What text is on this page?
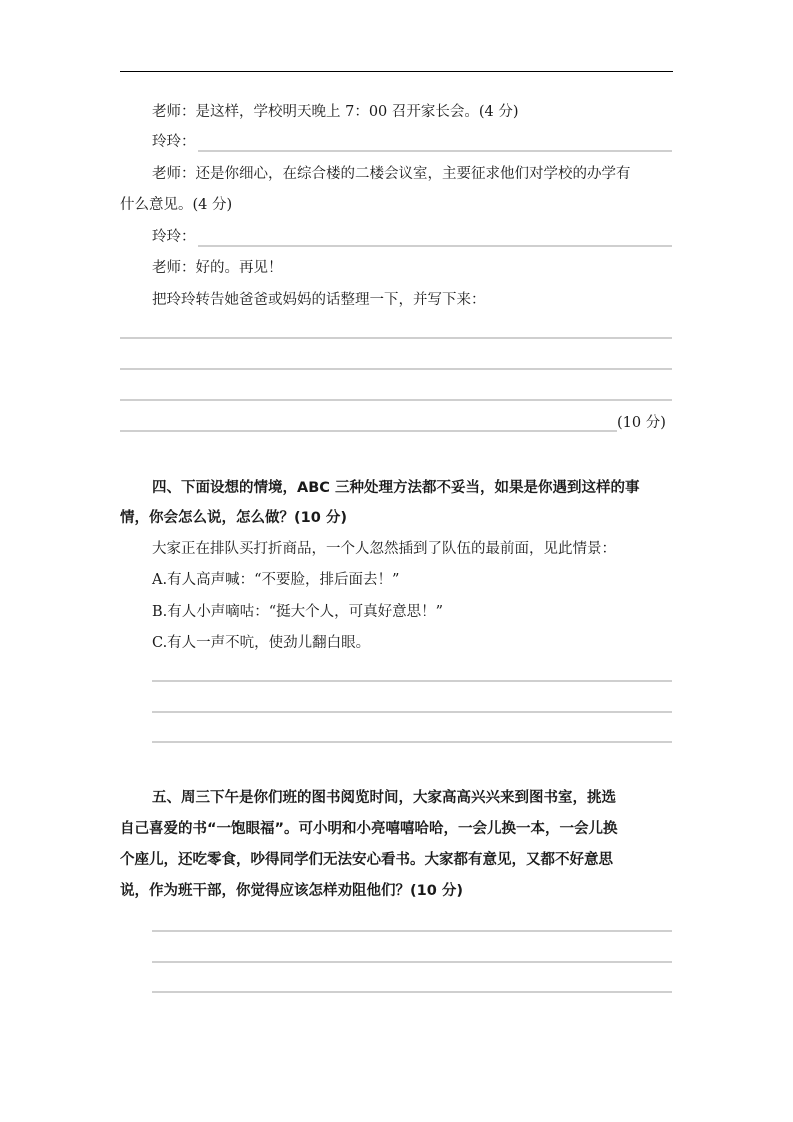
老师：是这样，学校明天晚上 7：00 召开家长会。(4 分)
玲玲：
老师：还是你细心，在综合楼的二楼会议室，主要征求他们对学校的办学有
什么意见。(4 分)
玲玲：
老师：好的。再见！
把玲玲转告她爸爸或妈妈的话整理一下，并写下来：
(10 分)
四、下面设想的情境，ABC 三种处理方法都不妥当，如果是你遇到这样的事
情，你会怎么说，怎么做？(10 分)
大家正在排队买打折商品，一个人忽然插到了队伍的最前面，见此情景：
A.有人高声喊：“不要脸，排后面去！”
B.有人小声嘀咕：“挺大个人，可真好意思！”
C.有人一声不吭，使劲儿翻白眼。
五、周三下午是你们班的图书阅览时间，大家高高兴兴来到图书室，挑选
自己喜爱的书“一饱眼福”。可小明和小亮嘻嘻哈哈，一会儿换一本，一会儿换
个座儿，还吃零食，吵得同学们无法安心看书。大家都有意见，又都不好意思
说，作为班干部，你觉得应该怎样劝阻他们？(10 分)
